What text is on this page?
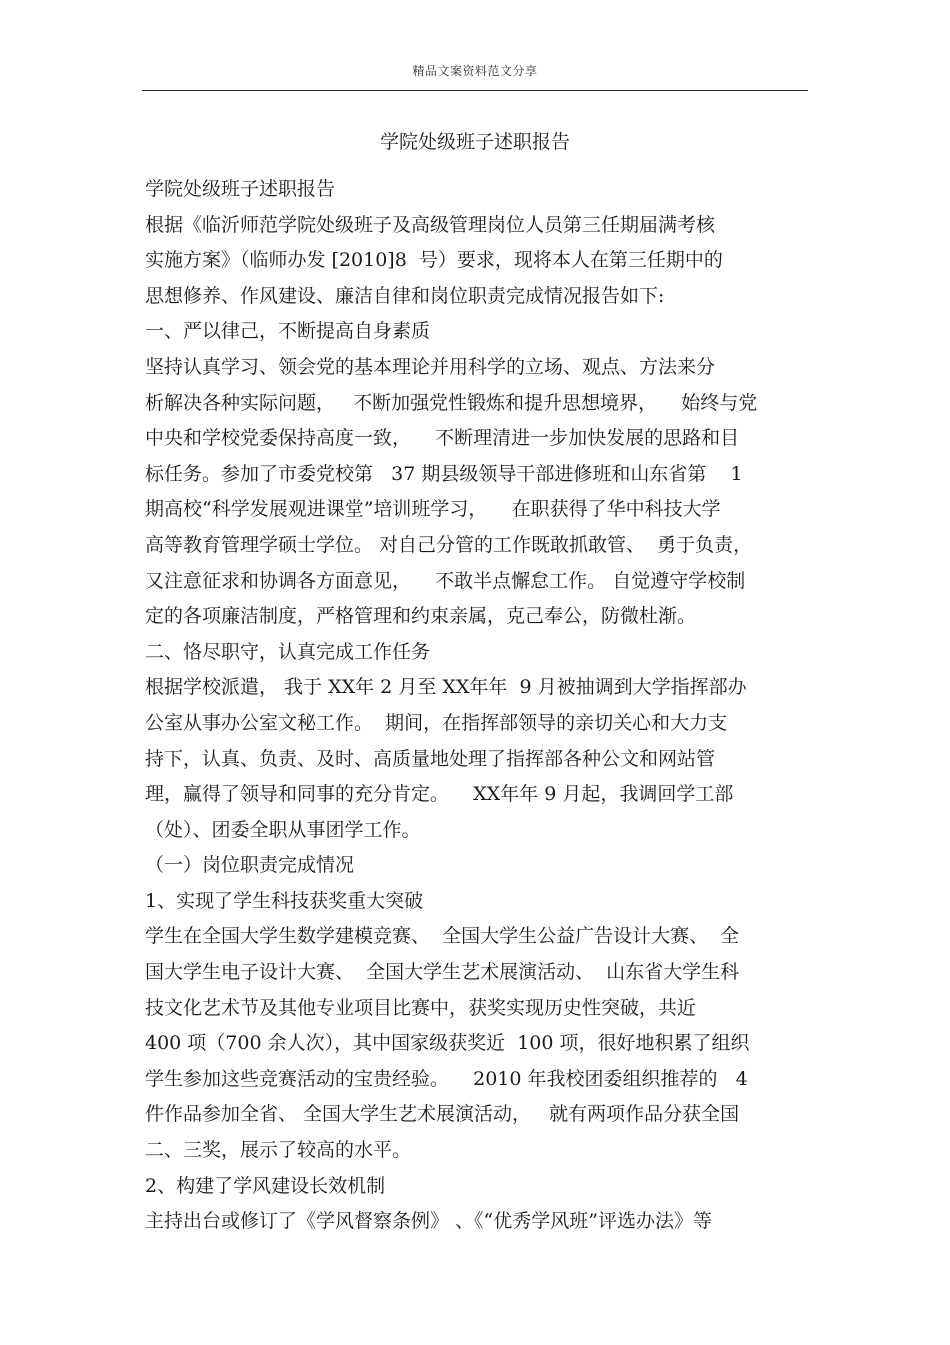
精品文案资料范文分享
学院处级班子述职报告
学院处级班子述职报告
根据《临沂师范学院处级班子及高级管理岗位人员第三任期届满考核
实施方案》（临师办发 [2010]8  号）要求，现将本人在第三任期中的
思想修养、作风建设、廉洁自律和岗位职责完成情况报告如下:
一、严以律己，不断提高自身素质
坚持认真学习、领会党的基本理论并用科学的立场、观点、方法来分
析解决各种实际问题，   不断加强党性锻炼和提升思想境界，    始终与党
中央和学校党委保持高度一致，    不断理清进一步加快发展的思路和目
标任务。参加了市委党校第   37 期县级领导干部进修班和山东省第    1
期高校“科学发展观进课堂”培训班学习，    在职获得了华中科技大学
高等教育管理学硕士学位。 对自己分管的工作既敢抓敢管、  勇于负责，
又注意征求和协调各方面意见，    不敢半点懈怠工作。 自觉遵守学校制
定的各项廉洁制度，严格管理和约束亲属，克己奉公，防微杜渐。
二、恪尽职守，认真完成工作任务
根据学校派遣， 我于 XX年 2 月至 XX年年  9 月被抽调到大学指挥部办
公室从事办公室文秘工作。  期间，在指挥部领导的亲切关心和大力支
持下，认真、负责、及时、高质量地处理了指挥部各种公文和网站管
理，赢得了领导和同事的充分肯定。    XX年年 9 月起，我调回学工部
（处）、团委全职从事团学工作。
（一）岗位职责完成情况
1、实现了学生科技获奖重大突破
学生在全国大学生数学建模竞赛、  全国大学生公益广告设计大赛、  全
国大学生电子设计大赛、  全国大学生艺术展演活动、  山东省大学生科
技文化艺术节及其他专业项目比赛中，获奖实现历史性突破，共近
400 项（700 余人次），其中国家级获奖近  100 项，很好地积累了组织
学生参加这些竞赛活动的宝贵经验。    2010 年我校团委组织推荐的   4
件作品参加全省、 全国大学生艺术展演活动，   就有两项作品分获全国
二、三奖，展示了较高的水平。
2、构建了学风建设长效机制
主持出台或修订了《学风督察条例》 、《“优秀学风班”评选办法》等
